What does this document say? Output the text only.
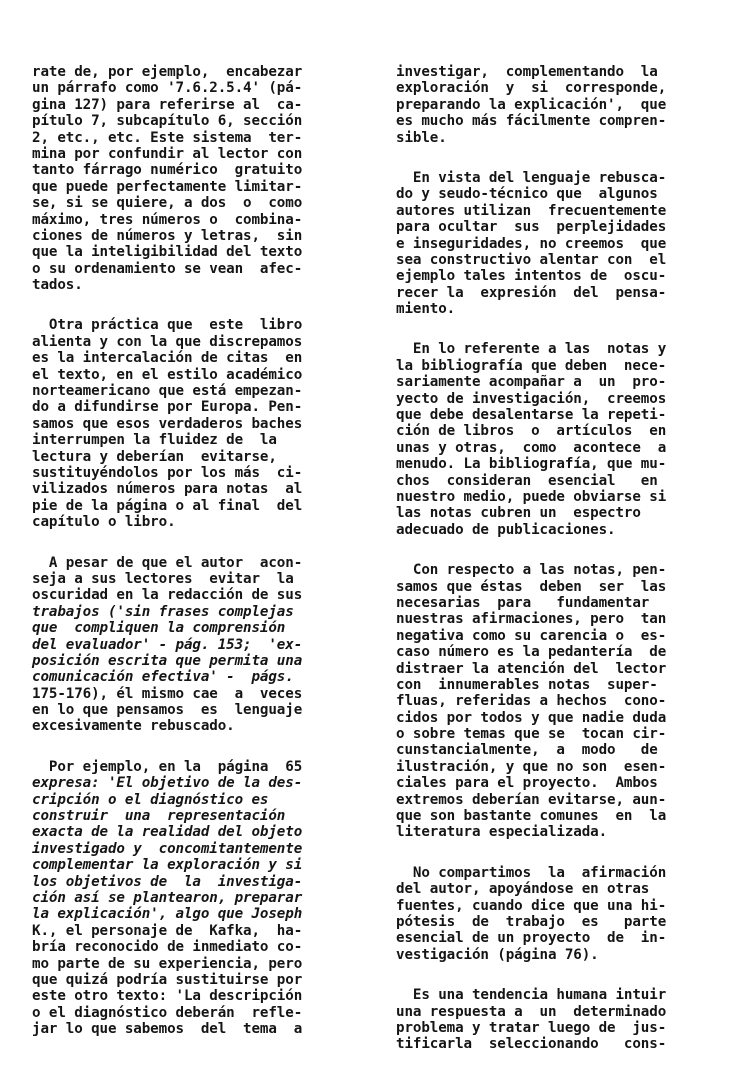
rate de, por ejemplo,  encabezar
un párrafo como '7.6.2.5.4' (pá-
gina 127) para referirse al  ca-
pítulo 7, subcapítulo 6, sección
2, etc., etc. Este sistema  ter-
mina por confundir al lector con
tanto fárrago numérico  gratuito
que puede perfectamente limitar-
se, si se quiere, a dos  o  como
máximo, tres números o  combina-
ciones de números y letras,  sin
que la inteligibilidad del texto
o su ordenamiento se vean  afec-
tados.
Otra práctica que  este  libro
alienta y con la que discrepamos
es la intercalación de citas  en
el texto, en el estilo académico
norteamericano que está empezan-
do a difundirse por Europa. Pen-
samos que esos verdaderos baches
interrumpen la fluidez de  la
lectura y deberían  evitarse,
sustituyéndolos por los más  ci-
vilizados números para notas  al
pie de la página o al final  del
capítulo o libro.
A pesar de que el autor  acon-
seja a sus lectores  evitar  la
oscuridad en la redacción de sus
trabajos ('sin frases complejas
que  compliquen la comprensión
del evaluador' - pág. 153;  'ex-
posición escrita que permita una
comunicación efectiva' -  págs.
175-176), él mismo cae  a  veces
en lo que pensamos  es  lenguaje
excesivamente rebuscado.
Por ejemplo, en la  página  65
expresa: 'El objetivo de la des-
cripción o el diagnóstico es
construir  una  representación
exacta de la realidad del objeto
investigado y  concomitantemente
complementar la exploración y si
los objetivos de  la  investiga-
ción así se plantearon, preparar
la explicación', algo que Joseph
K., el personaje de  Kafka,  ha-
bría reconocido de inmediato co-
mo parte de su experiencia, pero
que quizá podría sustituirse por
este otro texto: 'La descripción
o el diagnóstico deberán  refle-
jar lo que sabemos  del  tema  a
investigar,  complementando  la
exploración  y  si  corresponde,
preparando la explicación',  que
es mucho más fácilmente compren-
sible.
En vista del lenguaje rebusca-
do y seudo-técnico que  algunos
autores utilizan  frecuentemente
para ocultar  sus  perplejidades
e inseguridades, no creemos  que
sea constructivo alentar con  el
ejemplo tales intentos de  oscu-
recer la  expresión  del  pensa-
miento.
En lo referente a las  notas y
la bibliografía que deben  nece-
sariamente acompañar a  un  pro-
yecto de investigación,  creemos
que debe desalentarse la repeti-
ción de libros  o  artículos  en
unas y otras,  como  acontece  a
menudo. La bibliografía, que mu-
chos  consideran  esencial   en
nuestro medio, puede obviarse si
las notas cubren un  espectro
adecuado de publicaciones.
Con respecto a las notas, pen-
samos que éstas  deben  ser  las
necesarias  para   fundamentar
nuestras afirmaciones, pero  tan
negativa como su carencia o  es-
caso número es la pedantería  de
distraer la atención del  lector
con  innumerables notas  super-
fluas, referidas a hechos  cono-
cidos por todos y que nadie duda
o sobre temas que se  tocan cir-
cunstancialmente,  a  modo   de
ilustración, y que no son  esen-
ciales para el proyecto.  Ambos
extremos deberían evitarse, aun-
que son bastante comunes  en  la
literatura especializada.
No compartimos  la  afirmación
del autor, apoyándose en otras
fuentes, cuando dice que una hi-
pótesis  de  trabajo  es   parte
esencial de un proyecto  de  in-
vestigación (página 76).
Es una tendencia humana intuir
una respuesta a  un  determinado
problema y tratar luego de  jus-
tificarla  seleccionando   cons-
